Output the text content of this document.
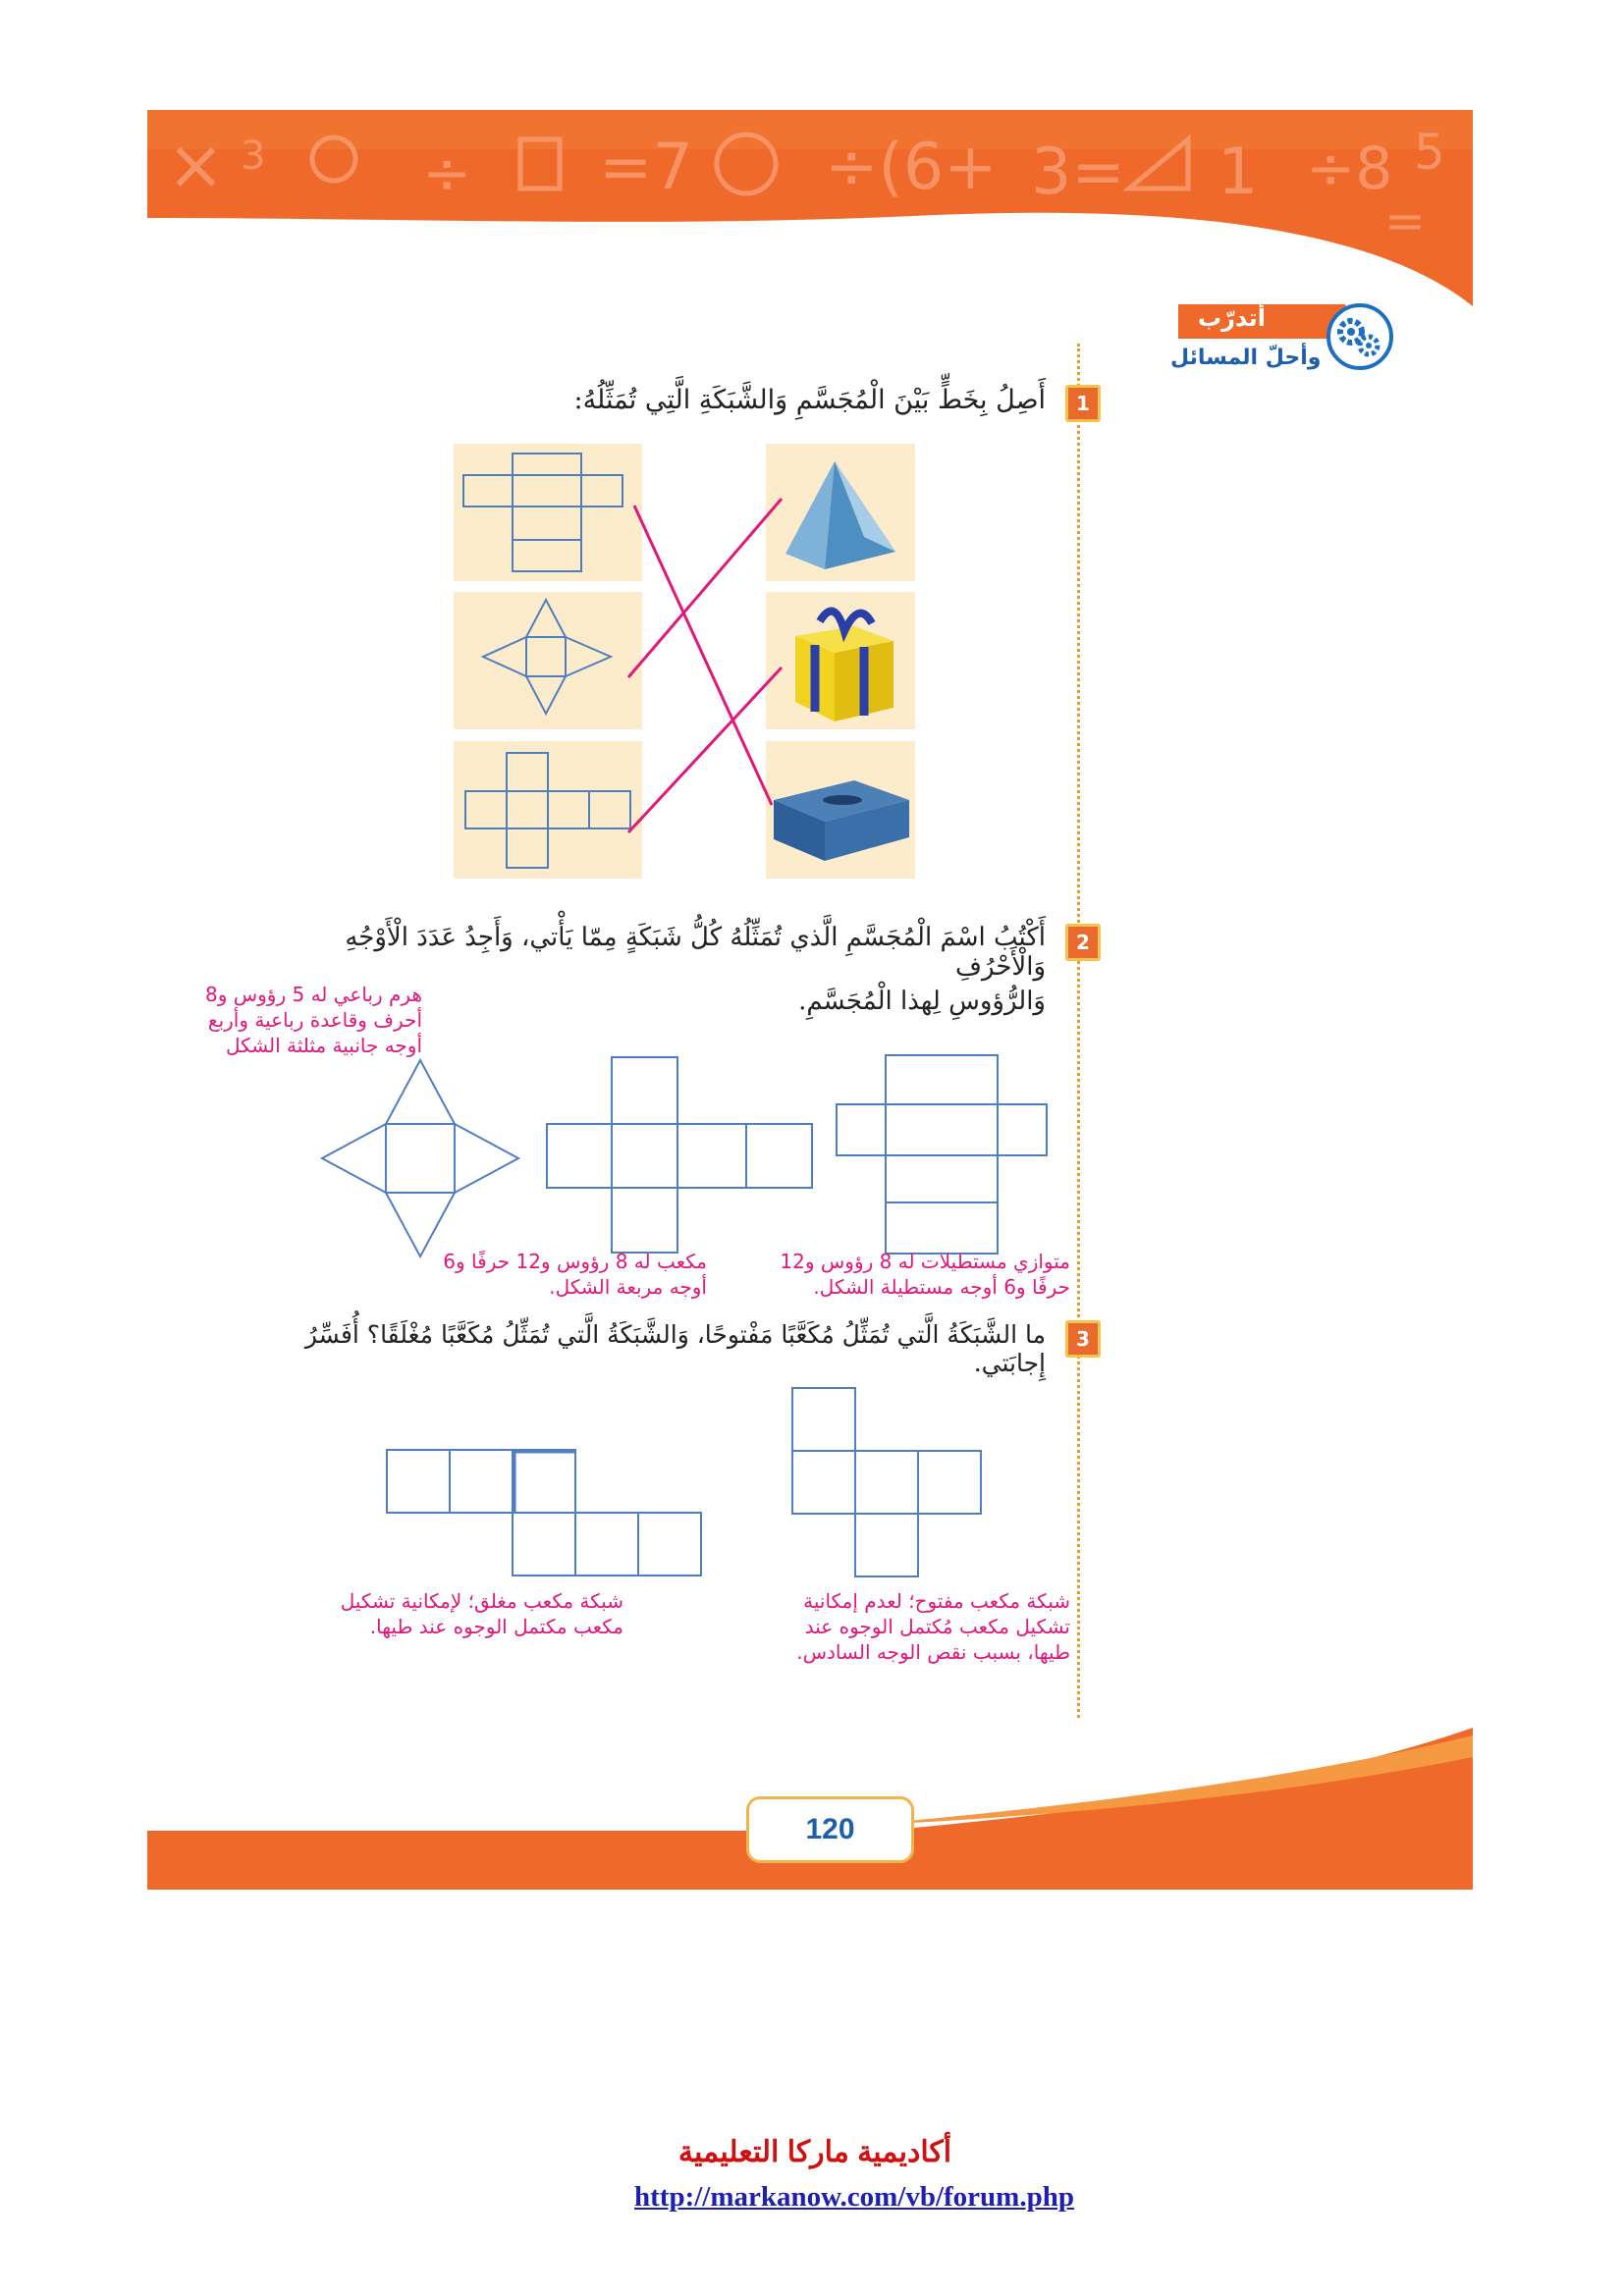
× 3	÷ =7 ÷(6+ 3= 1 ÷8 5
=
أتدرّب
وأحلّ المسائل
1
أَصِلُ بِخَطٍّ بَيْنَ الْمُجَسَّمِ وَالشَّبَكَةِ الَّتِي تُمَثِّلُهُ:
2
أَكْتُبُ اسْمَ الْمُجَسَّمِ الَّذي تُمَثِّلُهُ كُلُّ شَبَكَةٍ مِمّا يَأْتي، وَأَجِدُ عَدَدَ الْأَوْجُهِ وَالْأَحْرُفِ
وَالرُّؤوسِ لِهذا الْمُجَسَّمِ.
هرم رباعي له 5 رؤوس و8 أحرف وقاعدة رباعية وأربع أوجه جانبية مثلثة الشكل
مكعب له 8 رؤوس و12 حرفًا و6 أوجه مربعة الشكل.
متوازي مستطيلات له 8 رؤوس و12 حرفًا و6 أوجه مستطيلة الشكل.
3
ما الشَّبَكَةُ الَّتي تُمَثِّلُ مُكَعَّبًا مَفْتوحًا، وَالشَّبَكَةُ الَّتي تُمَثِّلُ مُكَعَّبًا مُغْلَقًا؟ أُفَسِّرُ إِجابَتي.
شبكة مكعب مغلق؛ لإمكانية تشكيل مكعب مكتمل الوجوه عند طيها.
شبكة مكعب مفتوح؛ لعدم إمكانية تشكيل مكعب مُكتمل الوجوه عند طيها، بسبب نقص الوجه السادس.
120
أكاديمية ماركا التعليمية
http://markanow.com/vb/forum.php
